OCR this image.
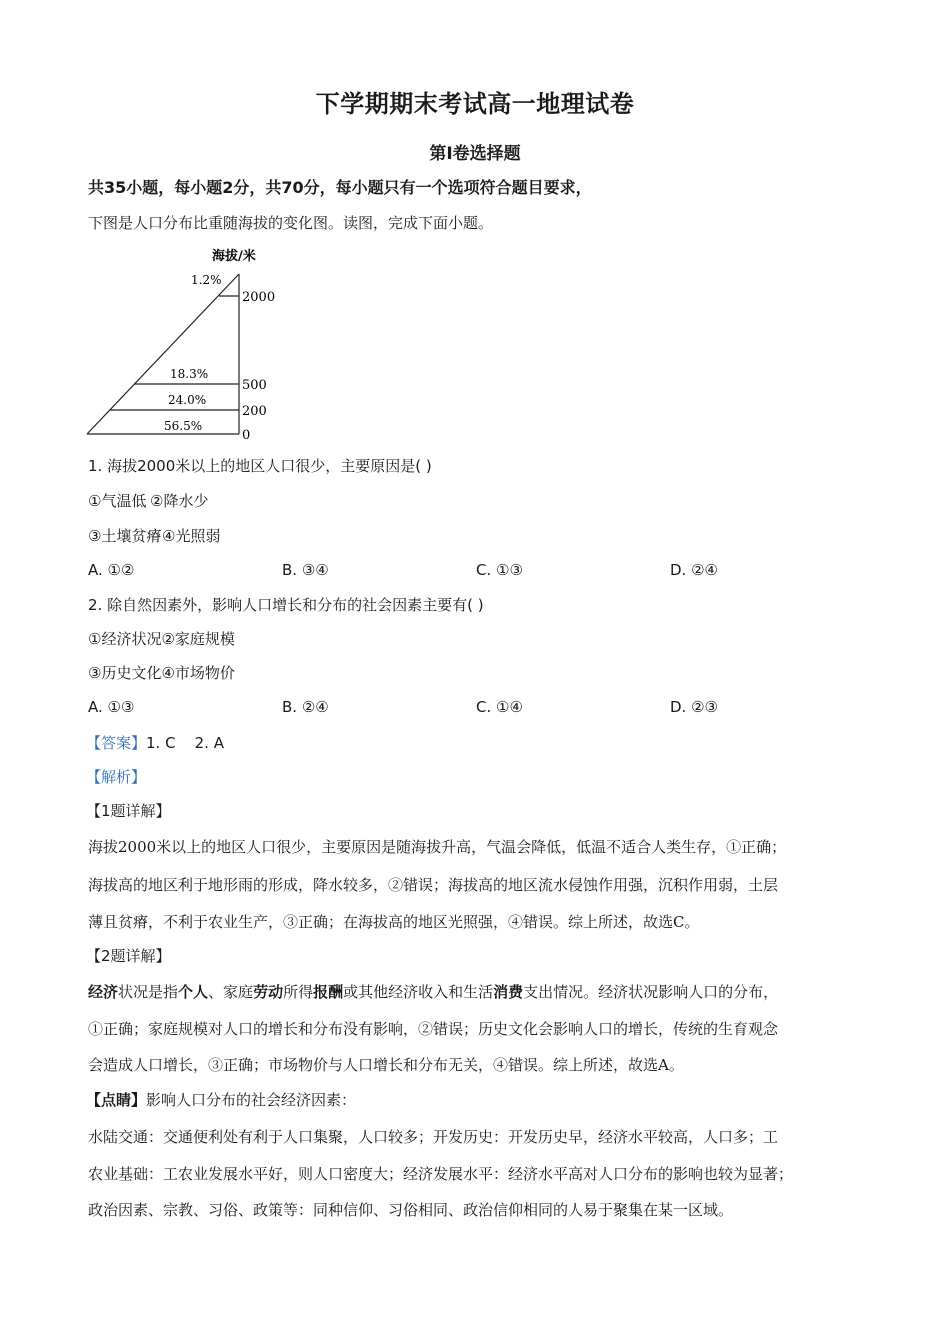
下学期期末考试高一地理试卷
第Ⅰ卷选择题
共35小题，每小题2分，共70分，每小题只有一个选项符合题目要求，
下图是人口分布比重随海拔的变化图。读图，完成下面小题。
海拔/米
2000
500
200
0
1.2%
18.3%
24.0%
56.5%
1. 海拔2000米以上的地区人口很少，主要原因是( )
①气温低 ②降水少
③土壤贫瘠 ④光照弱
A. ①②	B. ③④	C. ①③	D. ②④
2. 除自然因素外，影响人口增长和分布的社会因素主要有( )
①经济状况②家庭规模
③历史文化④市场物价
A. ①③	B. ②④	C. ①④	D. ②③
【答案】1. C    2. A
【解析】
【1题详解】
海拔2000米以上的地区人口很少，主要原因是随海拔升高，气温会降低，低温不适合人类生存，①正确；
海拔高的地区利于地形雨的形成，降水较多，②错误；海拔高的地区流水侵蚀作用强，沉积作用弱，土层
薄且贫瘠，不利于农业生产，③正确；在海拔高的地区光照强，④错误。综上所述，故选C。
【2题详解】
经济状况是指个人、家庭劳动所得报酬或其他经济收入和生活消费支出情况。经济状况影响人口的分布，
①正确；家庭规模对人口的增长和分布没有影响，②错误；历史文化会影响人口的增长，传统的生育观念
会造成人口增长，③正确；市场物价与人口增长和分布无关，④错误。综上所述，故选A。
【点睛】影响人口分布的社会经济因素：
水陆交通：交通便利处有利于人口集聚，人口较多；开发历史：开发历史早，经济水平较高，人口多；工
农业基础：工农业发展水平好，则人口密度大；经济发展水平：经济水平高对人口分布的影响也较为显著；
政治因素、宗教、习俗、政策等：同种信仰、习俗相同、政治信仰相同的人易于聚集在某一区域。
